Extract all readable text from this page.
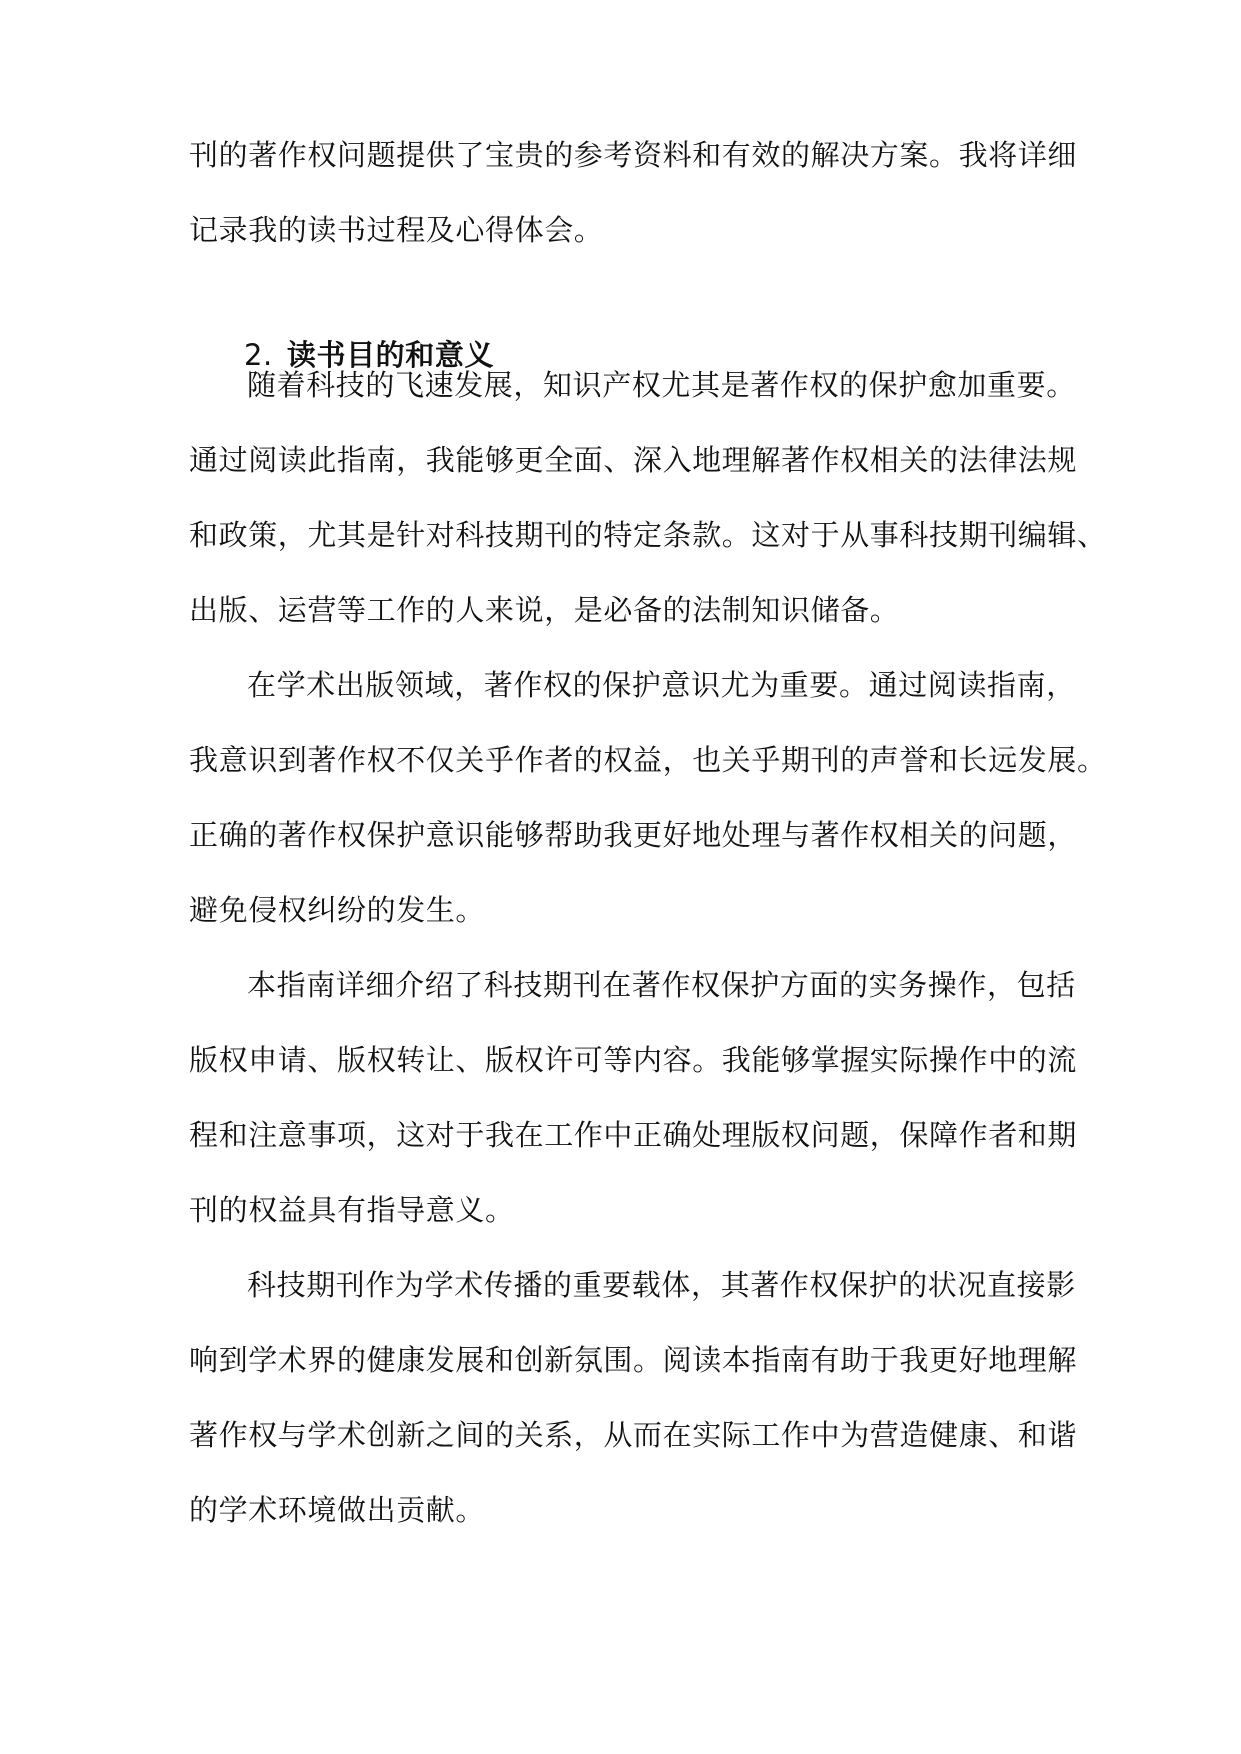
刊的著作权问题提供了宝贵的参考资料和有效的解决方案。我将详细
记录我的读书过程及心得体会。
2. 读书目的和意义
随着科技的飞速发展，知识产权尤其是著作权的保护愈加重要。
通过阅读此指南，我能够更全面、深入地理解著作权相关的法律法规
和政策，尤其是针对科技期刊的特定条款。这对于从事科技期刊编辑、
出版、运营等工作的人来说，是必备的法制知识储备。
在学术出版领域，著作权的保护意识尤为重要。通过阅读指南，
我意识到著作权不仅关乎作者的权益，也关乎期刊的声誉和长远发展。
正确的著作权保护意识能够帮助我更好地处理与著作权相关的问题，
避免侵权纠纷的发生。
本指南详细介绍了科技期刊在著作权保护方面的实务操作，包括
版权申请、版权转让、版权许可等内容。我能够掌握实际操作中的流
程和注意事项，这对于我在工作中正确处理版权问题，保障作者和期
刊的权益具有指导意义。
科技期刊作为学术传播的重要载体，其著作权保护的状况直接影
响到学术界的健康发展和创新氛围。阅读本指南有助于我更好地理解
著作权与学术创新之间的关系，从而在实际工作中为营造健康、和谐
的学术环境做出贡献。
